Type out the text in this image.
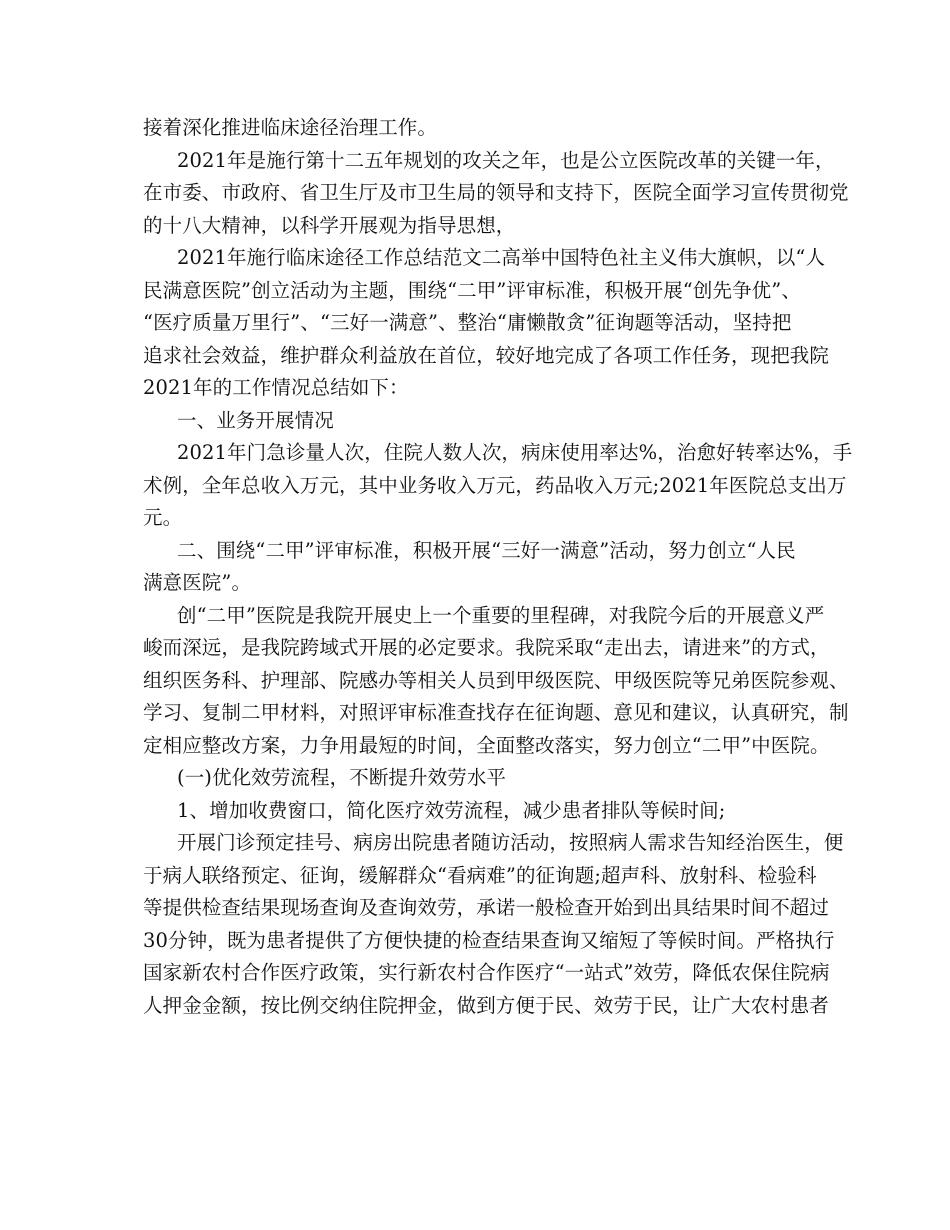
接着深化推进临床途径治理工作。
2021年是施行第十二五年规划的攻关之年，也是公立医院改革的关键一年，
在市委、市政府、省卫生厅及市卫生局的领导和支持下，医院全面学习宣传贯彻党
的十八大精神，以科学开展观为指导思想，
2021年施行临床途径工作总结范文二高举中国特色社主义伟大旗帜，以“人
民满意医院”创立活动为主题，围绕“二甲”评审标准，积极开展“创先争优”、
“医疗质量万里行”、“三好一满意”、整治“庸懒散贪”征询题等活动，坚持把
追求社会效益，维护群众利益放在首位，较好地完成了各项工作任务，现把我院
2021年的工作情况总结如下：
一、业务开展情况
2021年门急诊量人次，住院人数人次，病床使用率达%，治愈好转率达%，手
术例，全年总收入万元，其中业务收入万元，药品收入万元;2021年医院总支出万
元。
二、围绕“二甲”评审标准，积极开展“三好一满意”活动，努力创立“人民
满意医院”。
创“二甲”医院是我院开展史上一个重要的里程碑，对我院今后的开展意义严
峻而深远，是我院跨域式开展的必定要求。我院采取“走出去，请进来”的方式，
组织医务科、护理部、院感办等相关人员到甲级医院、甲级医院等兄弟医院参观、
学习、复制二甲材料，对照评审标准查找存在征询题、意见和建议，认真研究，制
定相应整改方案，力争用最短的时间，全面整改落实，努力创立“二甲”中医院。
(一)优化效劳流程，不断提升效劳水平
1、增加收费窗口，简化医疗效劳流程，减少患者排队等候时间;
开展门诊预定挂号、病房出院患者随访活动，按照病人需求告知经治医生，便
于病人联络预定、征询，缓解群众“看病难”的征询题;超声科、放射科、检验科
等提供检查结果现场查询及查询效劳，承诺一般检查开始到出具结果时间不超过
30分钟，既为患者提供了方便快捷的检查结果查询又缩短了等候时间。严格执行
国家新农村合作医疗政策，实行新农村合作医疗“一站式”效劳，降低农保住院病
人押金金额，按比例交纳住院押金，做到方便于民、效劳于民，让广大农村患者
